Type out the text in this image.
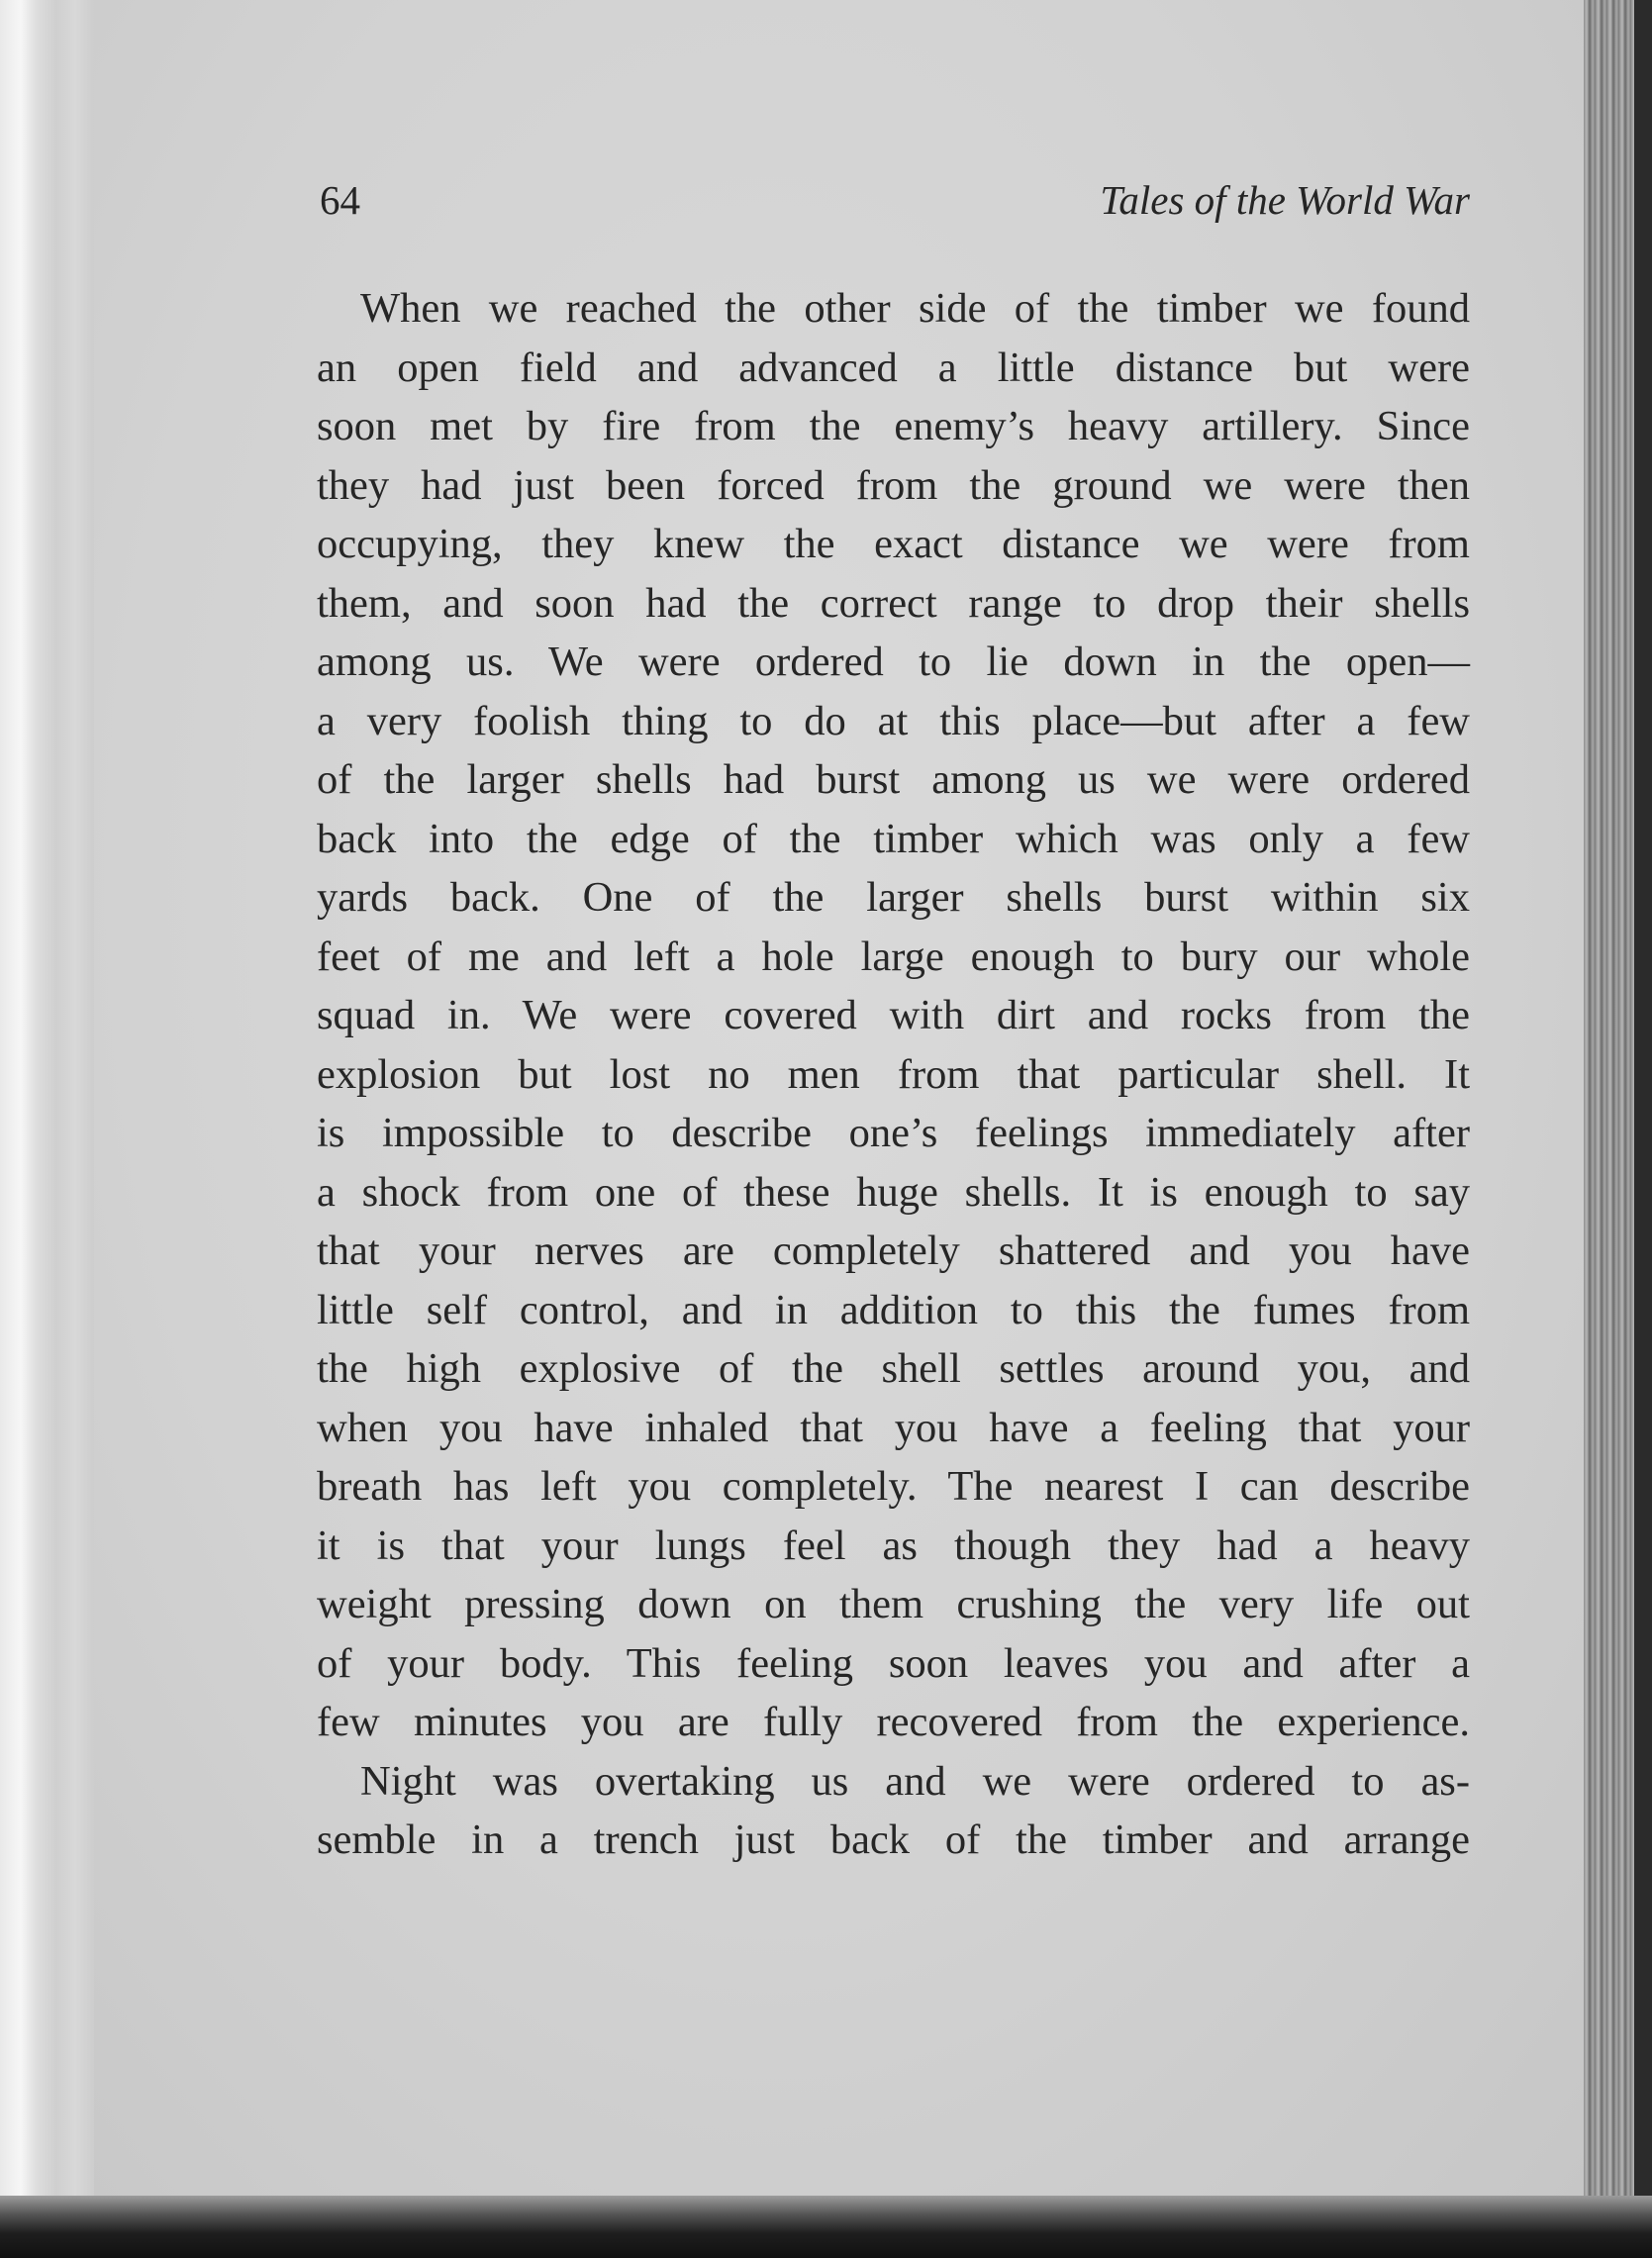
64	Tales of the World War
When we reached the other side of the timber we found
an open field and advanced a little distance but were
soon met by fire from the enemy’s heavy artillery. Since
they had just been forced from the ground we were then
occupying, they knew the exact distance we were from
them, and soon had the correct range to drop their shells
among us. We were ordered to lie down in the open—
a very foolish thing to do at this place—but after a few
of the larger shells had burst among us we were ordered
back into the edge of the timber which was only a few
yards back. One of the larger shells burst within six
feet of me and left a hole large enough to bury our whole
squad in. We were covered with dirt and rocks from the
explosion but lost no men from that particular shell. It
is impossible to describe one’s feelings immediately after
a shock from one of these huge shells. It is enough to say
that your nerves are completely shattered and you have
little self control, and in addition to this the fumes from
the high explosive of the shell settles around you, and
when you have inhaled that you have a feeling that your
breath has left you completely. The nearest I can describe
it is that your lungs feel as though they had a heavy
weight pressing down on them crushing the very life out
of your body. This feeling soon leaves you and after a
few minutes you are fully recovered from the experience.
Night was overtaking us and we were ordered to as-
semble in a trench just back of the timber and arrange
